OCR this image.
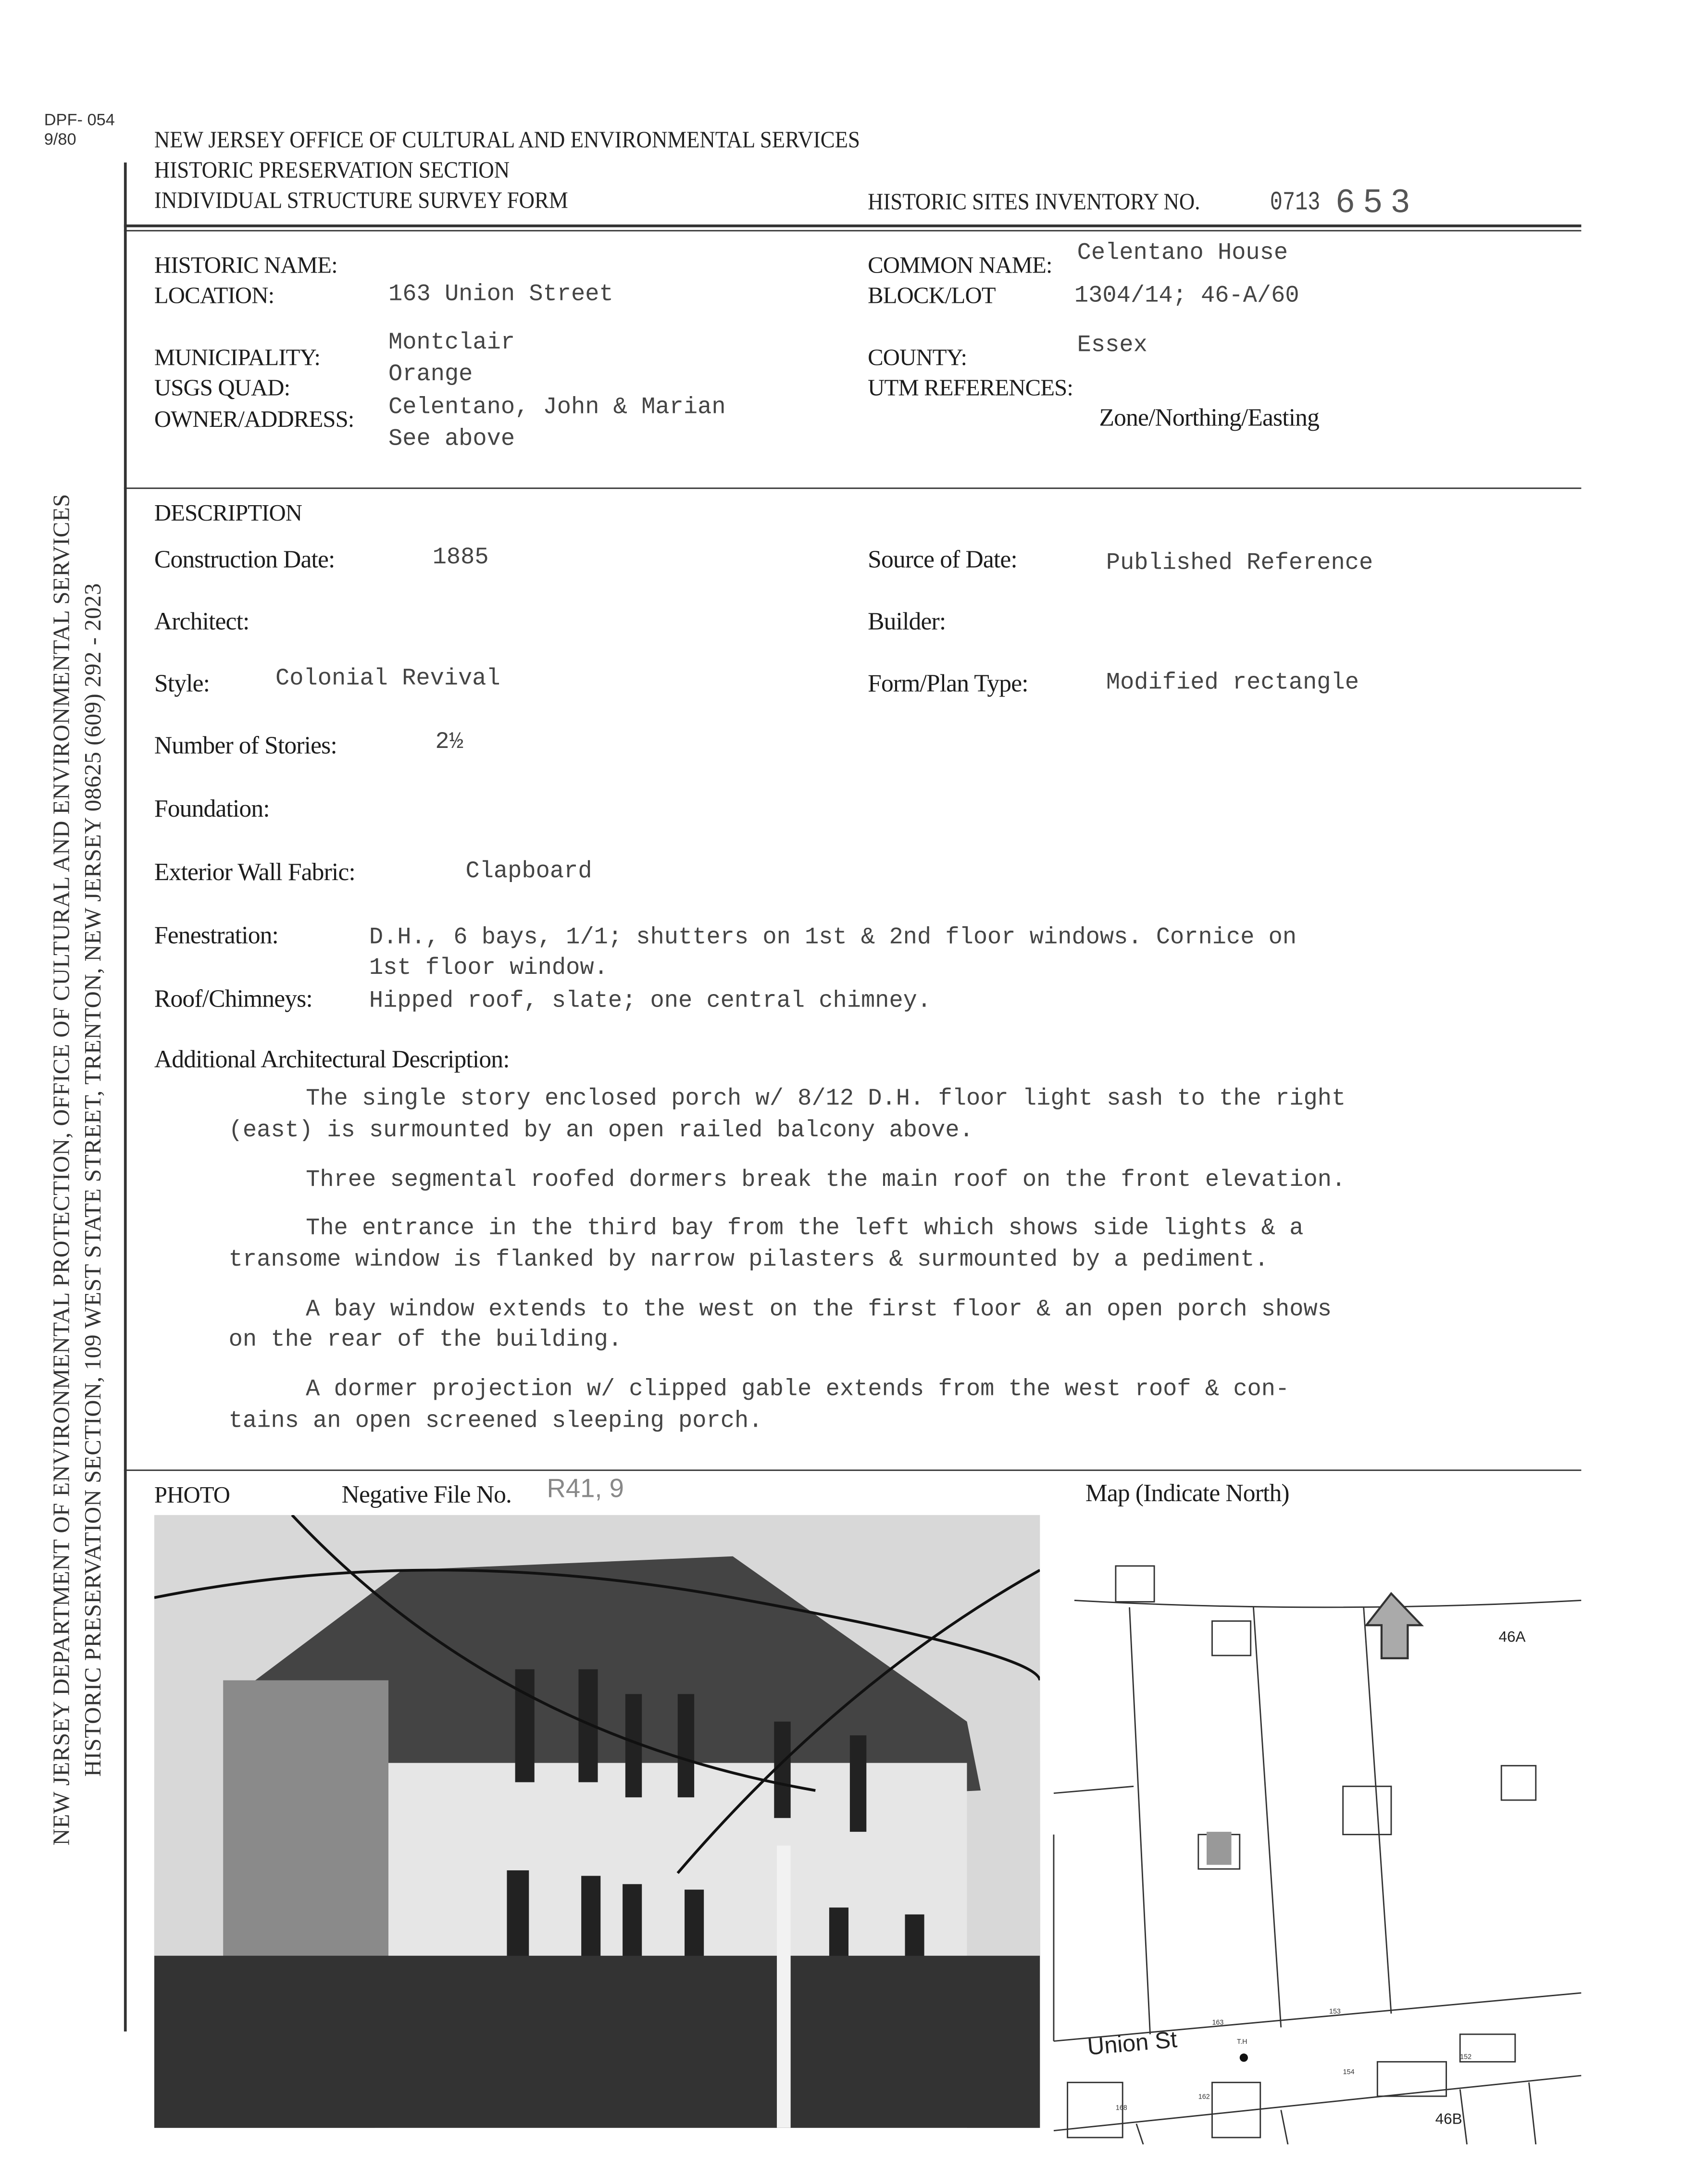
DPF- 054
9/80	NEW JERSEY OFFICE OF CULTURAL AND ENVIRONMENTAL SERVICES
HISTORIC PRESERVATION SECTION
INDIVIDUAL STRUCTURE SURVEY FORM	HISTORIC SITES INVENTORY NO.	0713 6 5 3
NEW JERSEY DEPARTMENT OF ENVIRONMENTAL PROTECTION, OFFICE OF CULTURAL AND ENVIRONMENTAL SERVICES HISTORIC PRESERVATION SECTION, 109 WEST STATE STREET, TRENTON, NEW JERSEY 08625 (609) 292 - 2023
HISTORIC NAME:
LOCATION:	163 Union Street
MUNICIPALITY:
Montclair
USGS QUAD:	Orange
OWNER/ADDRESS:	Celentano, John & Marian
See above
COMMON NAME:	Celentano House
BLOCK/LOT	1304/14; 46-A/60
COUNTY:	Essex
UTM REFERENCES:
Zone/Northing/Easting
DESCRIPTION
Construction Date:	1885	Source of Date:	Published Reference
Architect:	Builder:
Style:	Colonial Revival	Form/Plan Type:	Modified rectangle
Number of Stories:	2½
Foundation:
Exterior Wall Fabric:	Clapboard
Fenestration:	D.H., 6 bays, 1/1; shutters on 1st & 2nd floor windows. Cornice on
1st floor window.
Roof/Chimneys:	Hipped roof, slate; one central chimney.
Additional Architectural Description:
The single story enclosed porch w/ 8/12 D.H. floor light sash to the right
(east) is surmounted by an open railed balcony above.
Three segmental roofed dormers break the main roof on the front elevation.
The entrance in the third bay from the left which shows side lights & a
transome window is flanked by narrow pilasters & surmounted by a pediment.
A bay window extends to the west on the first floor & an open porch shows
on the rear of the building.
A dormer projection w/ clipped gable extends from the west roof & con-
tains an open screened sleeping porch.
PHOTO	Negative File No.	R41, 9	Map (Indicate North)
Union St	T.H
46A
46B
163
153
168
162
154
152
